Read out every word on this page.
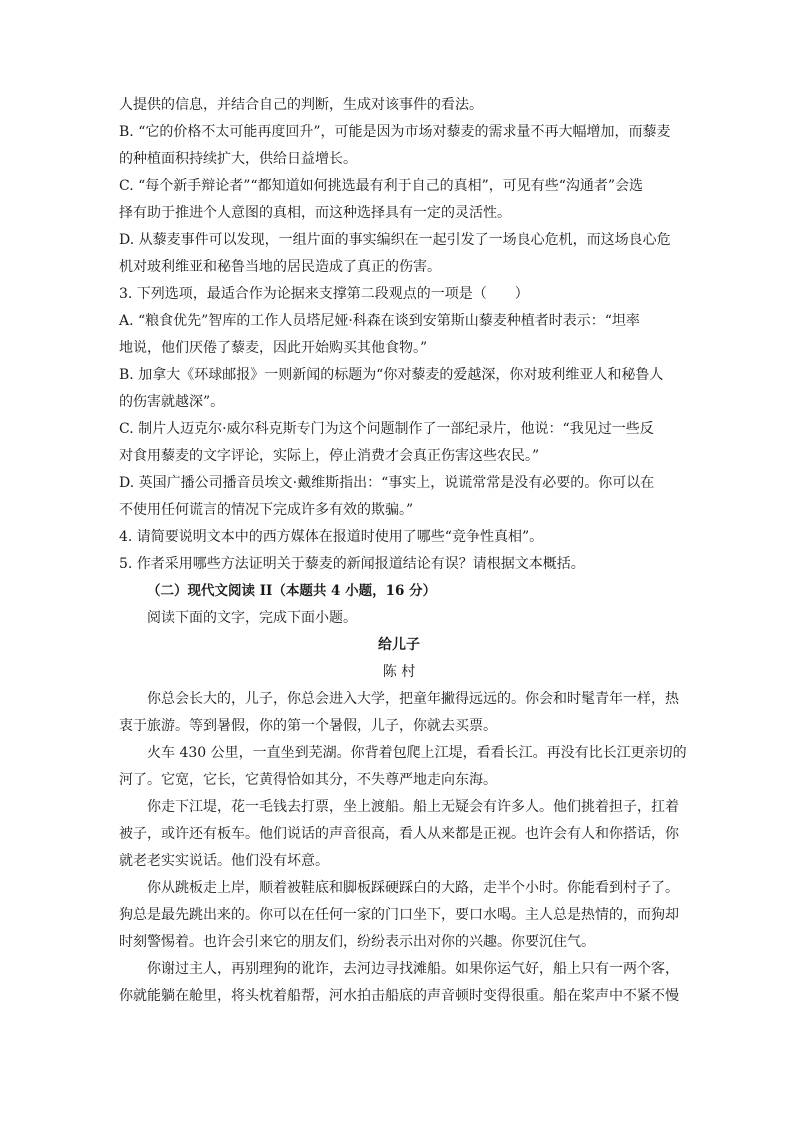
人提供的信息，并结合自己的判断，生成对该事件的看法。

B. “它的价格不太可能再度回升”，可能是因为市场对藜麦的需求量不再大幅增加，而藜麦

的种植面积持续扩大，供给日益增长。

C. “每个新手辩论者”“都知道如何挑选最有利于自己的真相”，可见有些“沟通者”会选

择有助于推进个人意图的真相，而这种选择具有一定的灵活性。

D. 从藜麦事件可以发现，一组片面的事实编织在一起引发了一场良心危机，而这场良心危

机对玻利维亚和秘鲁当地的居民造成了真正的伤害。

3. 下列选项，最适合作为论据来支撑第二段观点的一项是（　　）

A. “粮食优先”智库的工作人员塔尼娅·科森在谈到安第斯山藜麦种植者时表示：“坦率

地说，他们厌倦了藜麦，因此开始购买其他食物。”

B. 加拿大《环球邮报》一则新闻的标题为“你对藜麦的爱越深，你对玻利维亚人和秘鲁人

的伤害就越深”。

C. 制片人迈克尔·威尔科克斯专门为这个问题制作了一部纪录片，他说：“我见过一些反

对食用藜麦的文字评论，实际上，停止消费才会真正伤害这些农民。”

D. 英国广播公司播音员埃文·戴维斯指出：“事实上，说谎常常是没有必要的。你可以在

不使用任何谎言的情况下完成许多有效的欺骗。”

4. 请简要说明文本中的西方媒体在报道时使用了哪些“竞争性真相”。

5. 作者采用哪些方法证明关于藜麦的新闻报道结论有误？请根据文本概括。

（二）现代文阅读 II（本题共 4 小题，16 分）

阅读下面的文字，完成下面小题。

给儿子

陈 村

你总会长大的，儿子，你总会进入大学，把童年撇得远远的。你会和时髦青年一样，热

衷于旅游。等到暑假，你的第一个暑假，儿子，你就去买票。

火车 430 公里，一直坐到芜湖。你背着包爬上江堤，看看长江。再没有比长江更亲切的

河了。它宽，它长，它黄得恰如其分，不失尊严地走向东海。

你走下江堤，花一毛钱去打票，坐上渡船。船上无疑会有许多人。他们挑着担子，扛着

被子，或许还有板车。他们说话的声音很高，看人从来都是正视。也许会有人和你搭话，你

就老老实实说话。他们没有坏意。

你从跳板走上岸，顺着被鞋底和脚板踩硬踩白的大路，走半个小时。你能看到村子了。

狗总是最先跳出来的。你可以在任何一家的门口坐下，要口水喝。主人总是热情的，而狗却

时刻警惕着。也许会引来它的朋友们，纷纷表示出对你的兴趣。你要沉住气。

你谢过主人，再别理狗的讹诈，去河边寻找滩船。如果你运气好，船上只有一两个客，

你就能躺在舱里，将头枕着船帮，河水拍击船底的声音顿时变得很重。船在桨声中不紧不慢
